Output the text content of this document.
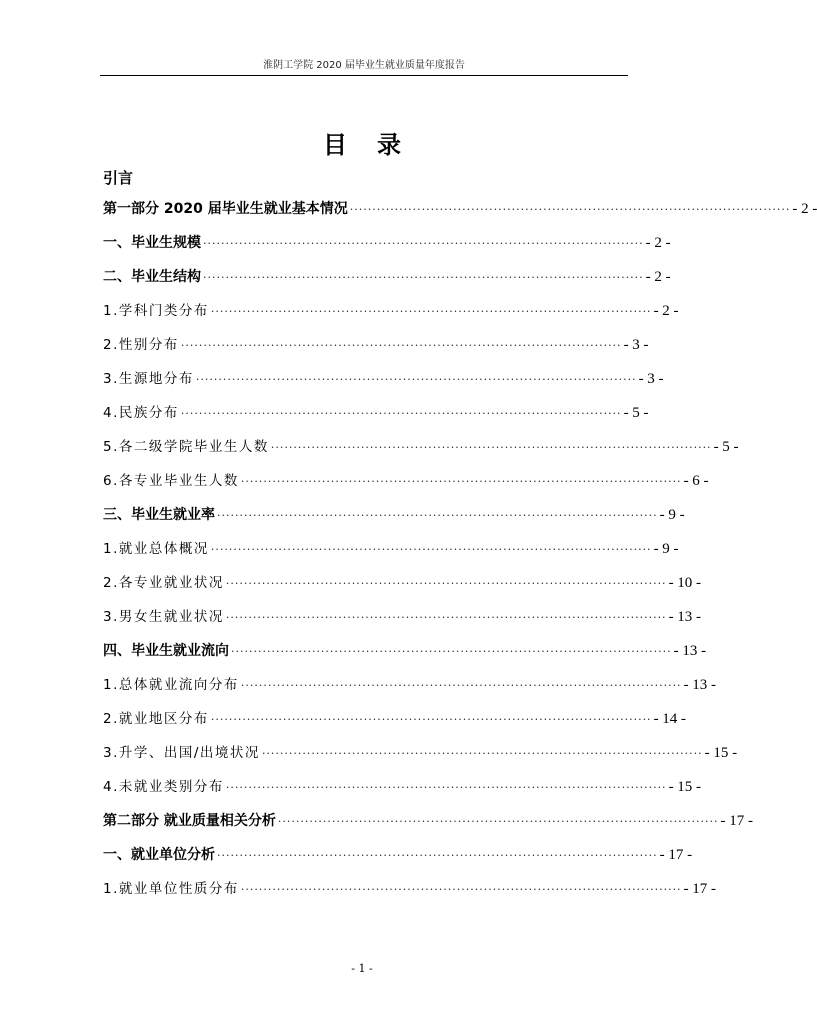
淮阴工学院 2020 届毕业生就业质量年度报告
目录
引言
第一部分 2020 届毕业生就业基本情况 ·································································································· - 2 -
一、毕业生规模 ·································································································· - 2 -
二、毕业生结构 ·································································································· - 2 -
1.学科门类分布 ·································································································· - 2 -
2.性别分布 ·································································································· - 3 -
3.生源地分布 ·································································································· - 3 -
4.民族分布 ·································································································· - 5 -
5.各二级学院毕业生人数 ·································································································· - 5 -
6.各专业毕业生人数 ·································································································· - 6 -
三、毕业生就业率 ·································································································· - 9 -
1.就业总体概况 ·································································································· - 9 -
2.各专业就业状况 ·································································································· - 10 -
3.男女生就业状况 ·································································································· - 13 -
四、毕业生就业流向 ·································································································· - 13 -
1.总体就业流向分布 ·································································································· - 13 -
2.就业地区分布 ·································································································· - 14 -
3.升学、出国/出境状况 ·································································································· - 15 -
4.未就业类别分布 ·································································································· - 15 -
第二部分 就业质量相关分析 ·································································································· - 17 -
一、就业单位分析 ·································································································· - 17 -
1.就业单位性质分布 ·································································································· - 17 -
- 1 -
